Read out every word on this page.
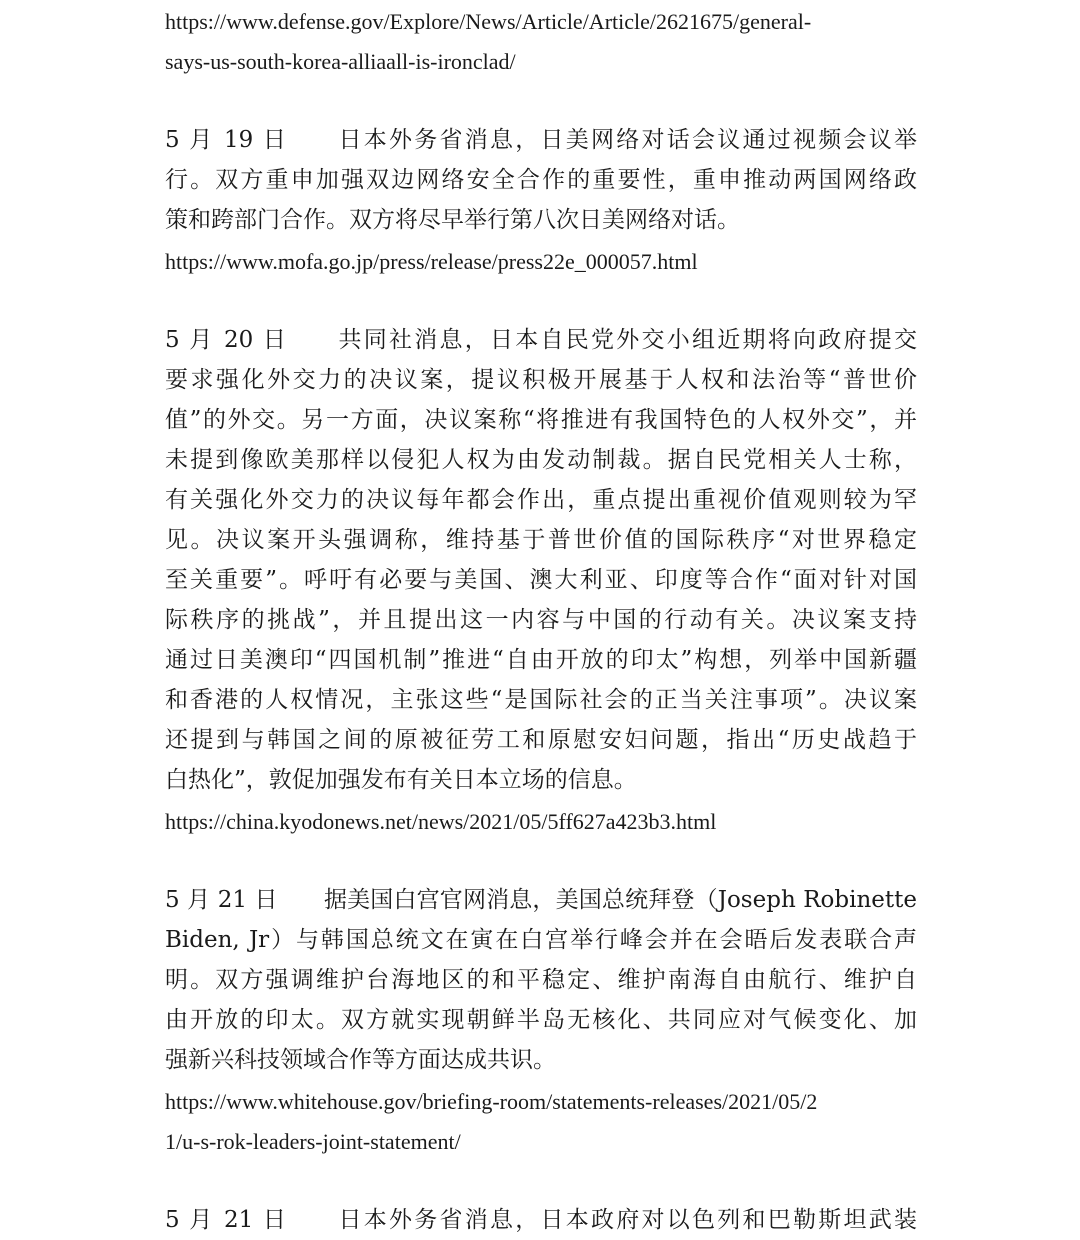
https://www.defense.gov/Explore/News/Article/Article/2621675/general-
says-us-south-korea-alliaall-is-ironclad/
5 月 19 日　　日本外务省消息，日美网络对话会议通过视频会议举
行。双方重申加强双边网络安全合作的重要性，重申推动两国网络政
策和跨部门合作。双方将尽早举行第八次日美网络对话。
https://www.mofa.go.jp/press/release/press22e_000057.html
5 月 20 日　　共同社消息，日本自民党外交小组近期将向政府提交
要求强化外交力的决议案，提议积极开展基于人权和法治等“普世价
值”的外交。另一方面，决议案称“将推进有我国特色的人权外交”，并
未提到像欧美那样以侵犯人权为由发动制裁。据自民党相关人士称，
有关强化外交力的决议每年都会作出，重点提出重视价值观则较为罕
见。决议案开头强调称，维持基于普世价值的国际秩序“对世界稳定
至关重要”。呼吁有必要与美国、澳大利亚、印度等合作“面对针对国
际秩序的挑战”，并且提出这一内容与中国的行动有关。决议案支持
通过日美澳印“四国机制”推进“自由开放的印太”构想，列举中国新疆
和香港的人权情况，主张这些“是国际社会的正当关注事项”。决议案
还提到与韩国之间的原被征劳工和原慰安妇问题，指出“历史战趋于
白热化”，敦促加强发布有关日本立场的信息。
https://china.kyodonews.net/news/2021/05/5ff627a423b3.html
5 月 21 日　　据美国白宫官网消息，美国总统拜登（Joseph Robinette
Biden, Jr）与韩国总统文在寅在白宫举行峰会并在会晤后发表联合声
明。双方强调维护台海地区的和平稳定、维护南海自由航行、维护自
由开放的印太。双方就实现朝鲜半岛无核化、共同应对气候变化、加
强新兴科技领域合作等方面达成共识。
https://www.whitehouse.gov/briefing-room/statements-releases/2021/05/2
1/u-s-rok-leaders-joint-statement/
5 月 21 日　　日本外务省消息，日本政府对以色列和巴勒斯坦武装
